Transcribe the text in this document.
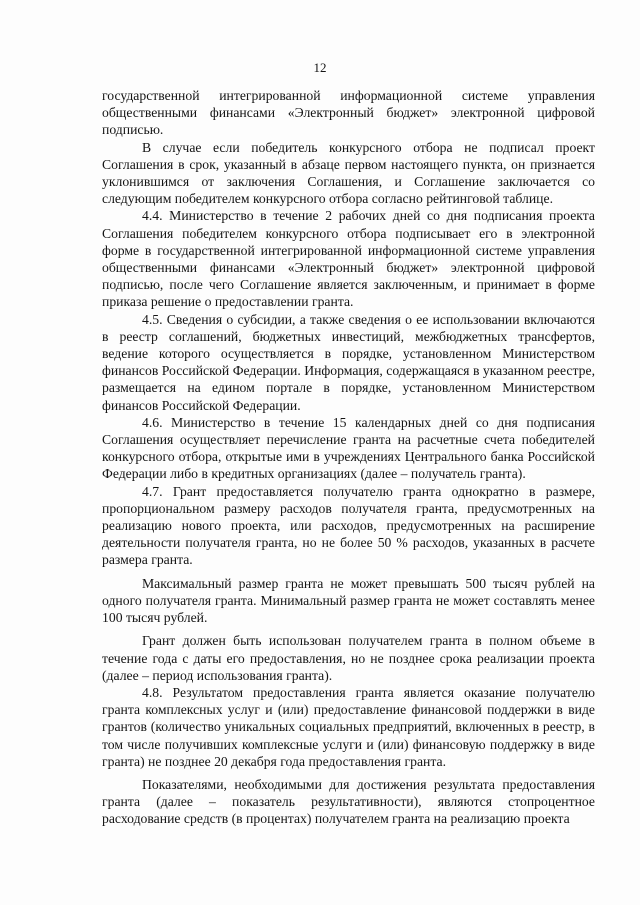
12

государственной интегрированной информационной системе управления общественными финансами «Электронный бюджет» электронной цифровой подписью.

В случае если победитель конкурсного отбора не подписал проект Соглашения в срок, указанный в абзаце первом настоящего пункта, он признается уклонившимся от заключения Соглашения, и Соглашение заключается со следующим победителем конкурсного отбора согласно рейтинговой таблице.

4.4. Министерство в течение 2 рабочих дней со дня подписания проекта Соглашения победителем конкурсного отбора подписывает его в электронной форме в государственной интегрированной информационной системе управления общественными финансами «Электронный бюджет» электронной цифровой подписью, после чего Соглашение является заключенным, и принимает в форме приказа решение о предоставлении гранта.

4.5. Сведения о субсидии, а также сведения о ее использовании включаются в реестр соглашений, бюджетных инвестиций, межбюджетных трансфертов, ведение которого осуществляется в порядке, установленном Министерством финансов Российской Федерации. Информация, содержащаяся в указанном реестре, размещается на едином портале в порядке, установленном Министерством финансов Российской Федерации.

4.6. Министерство в течение 15 календарных дней со дня подписания Соглашения осуществляет перечисление гранта на расчетные счета победителей конкурсного отбора, открытые ими в учреждениях Центрального банка Российской Федерации либо в кредитных организациях (далее – получатель гранта).

4.7. Грант предоставляется получателю гранта однократно в размере, пропорциональном размеру расходов получателя гранта, предусмотренных на реализацию нового проекта, или расходов, предусмотренных на расширение деятельности получателя гранта, но не более 50 % расходов, указанных в расчете размера гранта.

Максимальный размер гранта не может превышать 500 тысяч рублей на одного получателя гранта. Минимальный размер гранта не может составлять менее 100 тысяч рублей.

Грант должен быть использован получателем гранта в полном объеме в течение года с даты его предоставления, но не позднее срока реализации проекта (далее – период использования гранта).

4.8. Результатом предоставления гранта является оказание получателю гранта комплексных услуг и (или) предоставление финансовой поддержки в виде грантов (количество уникальных социальных предприятий, включенных в реестр, в том числе получивших комплексные услуги и (или) финансовую поддержку в виде гранта) не позднее 20 декабря года предоставления гранта.

Показателями, необходимыми для достижения результата предоставления гранта (далее – показатель результативности), являются стопроцентное расходование средств (в процентах) получателем гранта на реализацию проекта
